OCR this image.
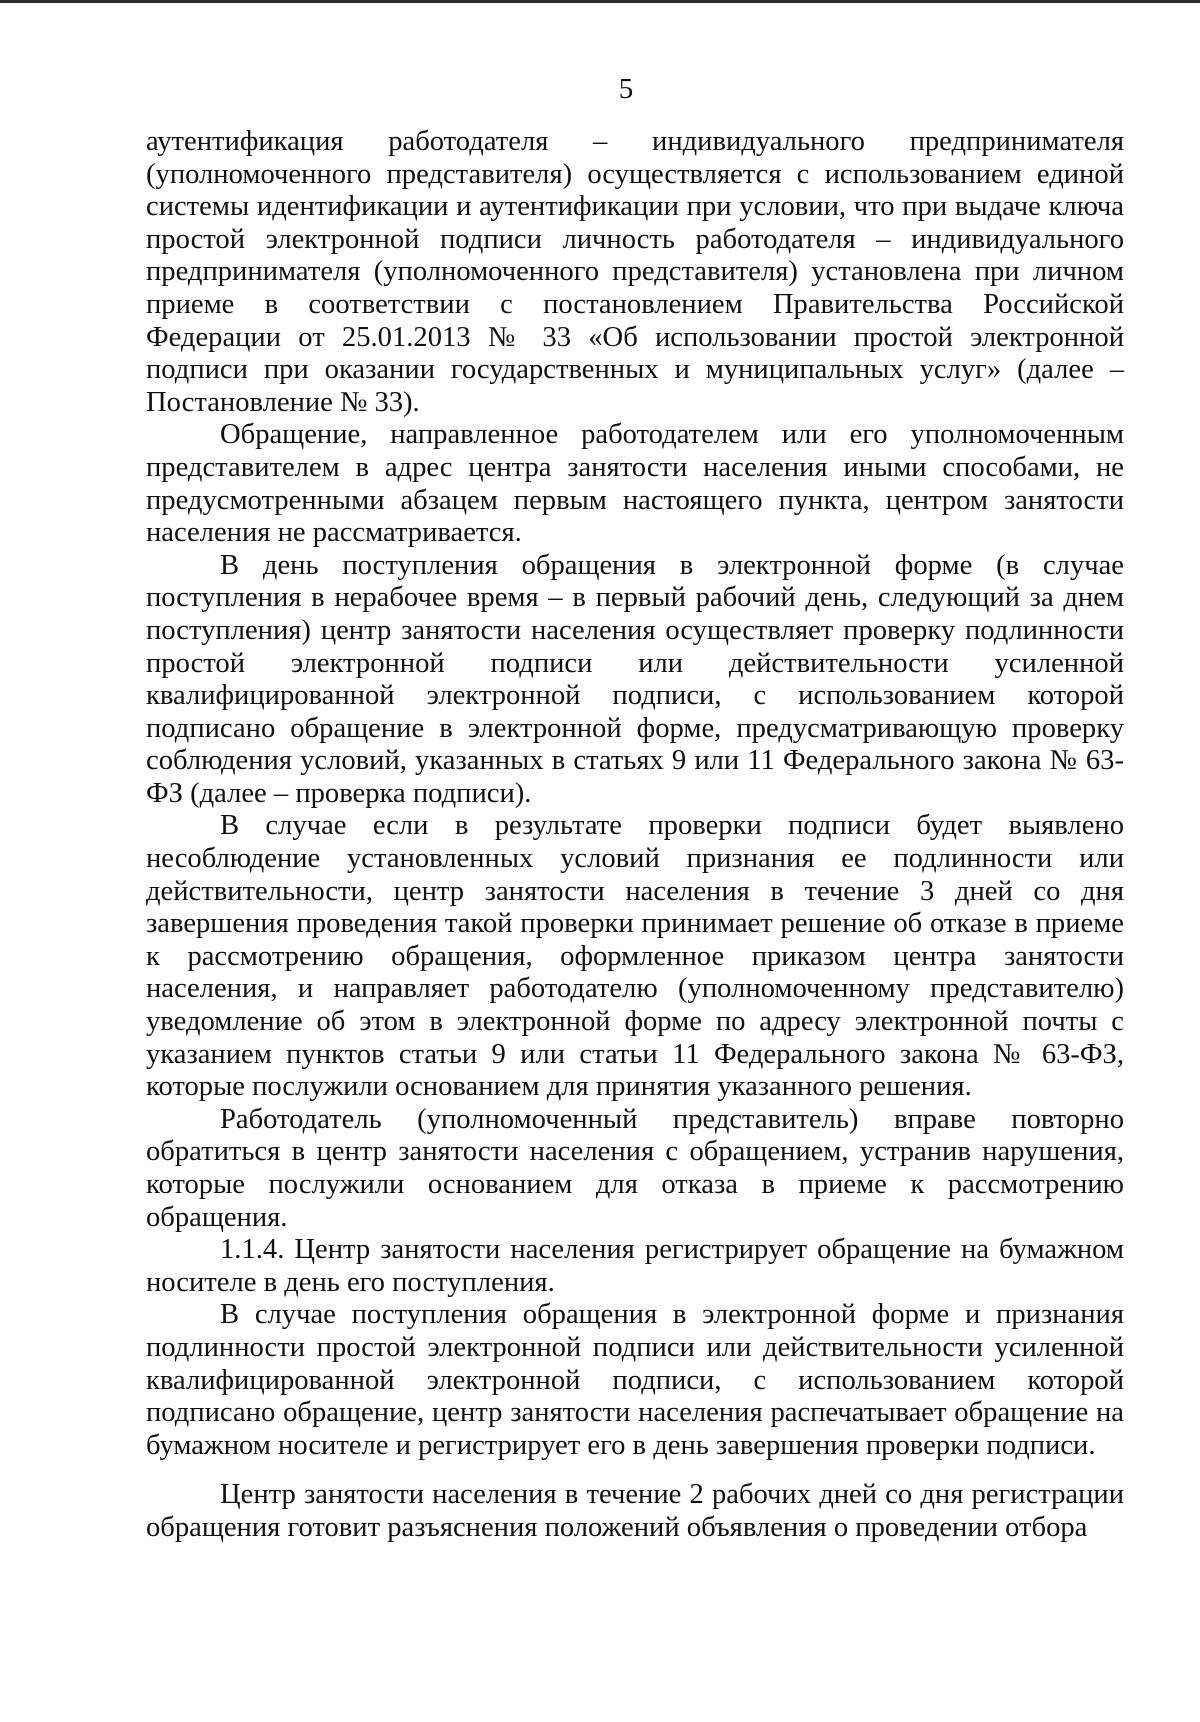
5

аутентификация работодателя – индивидуального предпринимателя (уполномоченного представителя) осуществляется с использованием единой системы идентификации и аутентификации при условии, что при выдаче ключа простой электронной подписи личность работодателя – индивидуального предпринимателя (уполномоченного представителя) установлена при личном приеме в соответствии с постановлением Правительства Российской Федерации от 25.01.2013 № 33 «Об использовании простой электронной подписи при оказании государственных и муниципальных услуг» (далее – Постановление № 33).

Обращение, направленное работодателем или его уполномоченным представителем в адрес центра занятости населения иными способами, не предусмотренными абзацем первым настоящего пункта, центром занятости населения не рассматривается.

В день поступления обращения в электронной форме (в случае поступления в нерабочее время – в первый рабочий день, следующий за днем поступления) центр занятости населения осуществляет проверку подлинности простой электронной подписи или действительности усиленной квалифицированной электронной подписи, с использованием которой подписано обращение в электронной форме, предусматривающую проверку соблюдения условий, указанных в статьях 9 или 11 Федерального закона № 63-ФЗ (далее – проверка подписи).

В случае если в результате проверки подписи будет выявлено несоблюдение установленных условий признания ее подлинности или действительности, центр занятости населения в течение 3 дней со дня завершения проведения такой проверки принимает решение об отказе в приеме к рассмотрению обращения, оформленное приказом центра занятости населения, и направляет работодателю (уполномоченному представителю) уведомление об этом в электронной форме по адресу электронной почты с указанием пунктов статьи 9 или статьи 11 Федерального закона № 63-ФЗ, которые послужили основанием для принятия указанного решения.

Работодатель (уполномоченный представитель) вправе повторно обратиться в центр занятости населения с обращением, устранив нарушения, которые послужили основанием для отказа в приеме к рассмотрению обращения.

1.1.4. Центр занятости населения регистрирует обращение на бумажном носителе в день его поступления.

В случае поступления обращения в электронной форме и признания подлинности простой электронной подписи или действительности усиленной квалифицированной электронной подписи, с использованием которой подписано обращение, центр занятости населения распечатывает обращение на бумажном носителе и регистрирует его в день завершения проверки подписи.

Центр занятости населения в течение 2 рабочих дней со дня регистрации обращения готовит разъяснения положений объявления о проведении отбора
